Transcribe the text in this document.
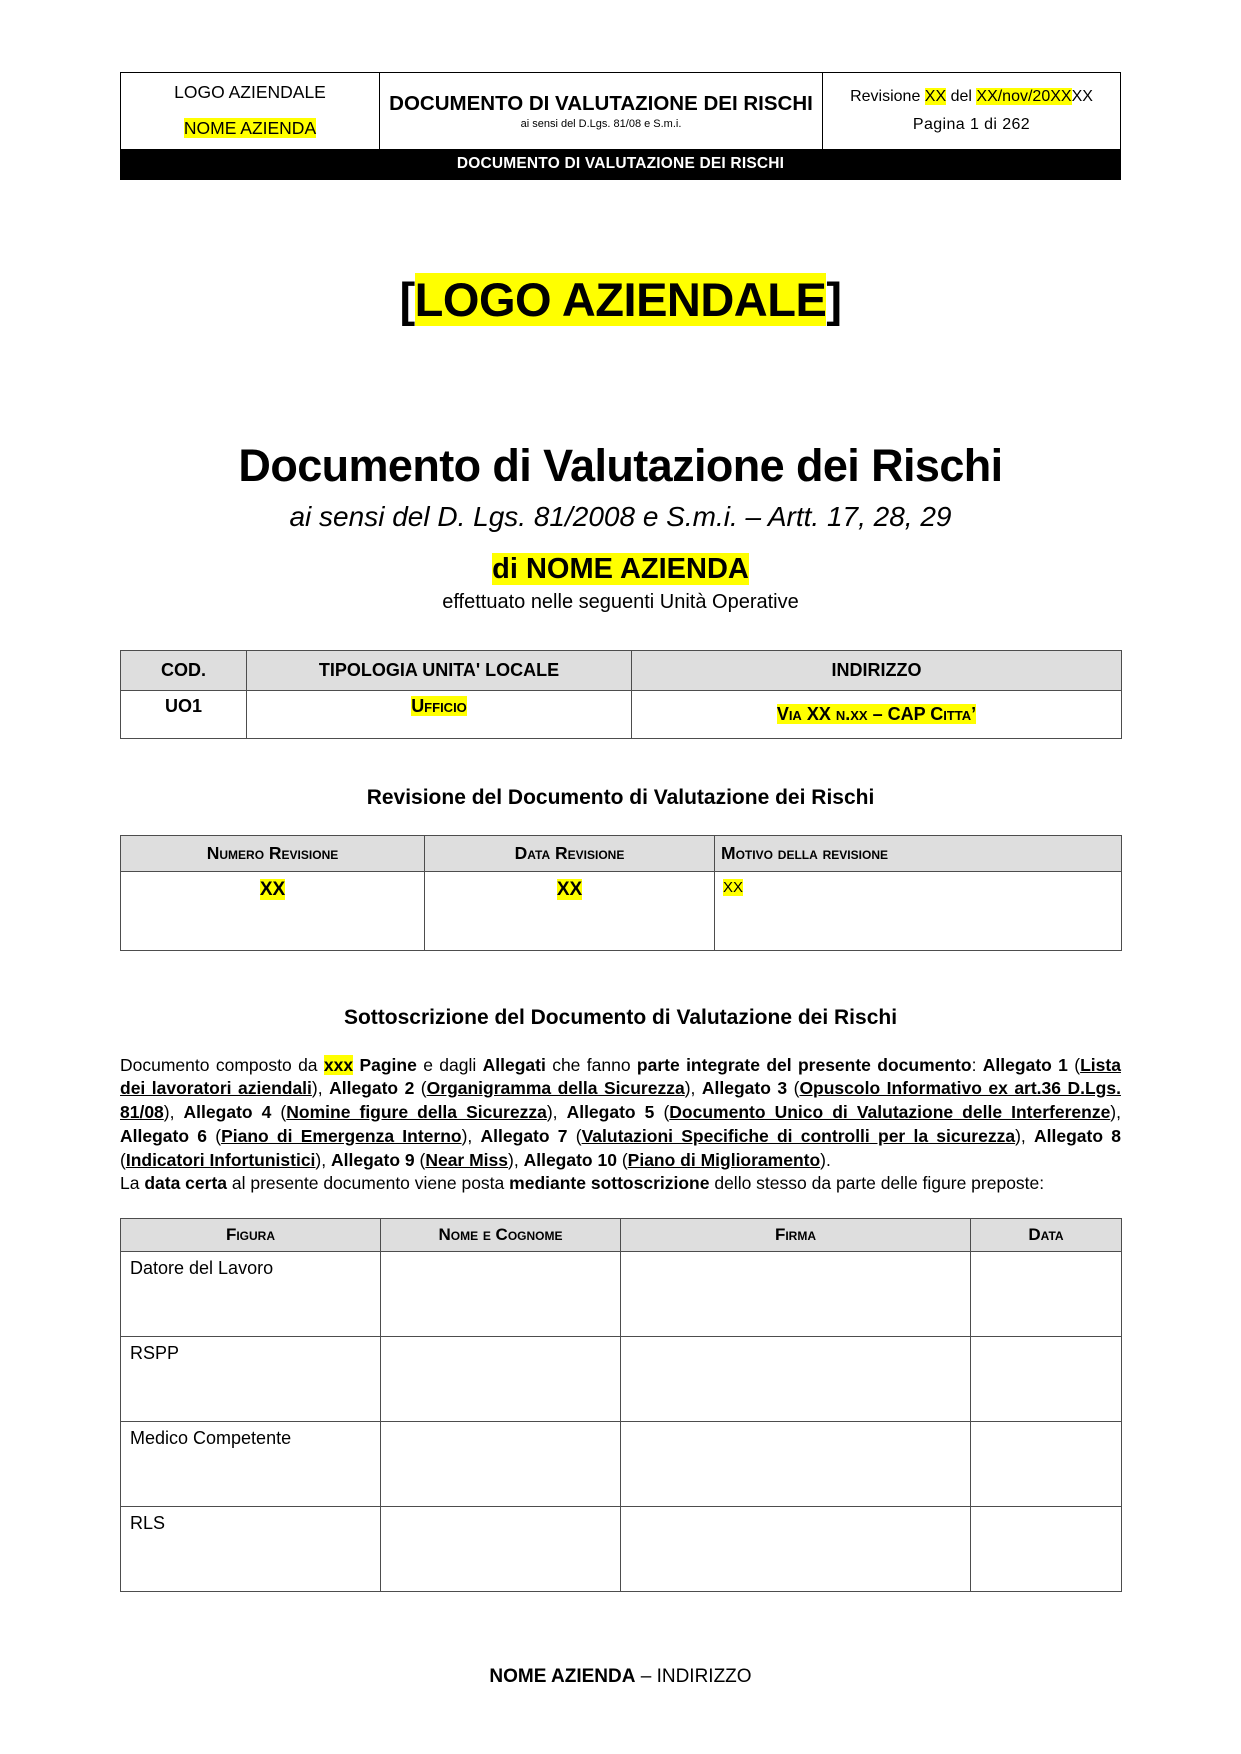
LOGO AZIENDALE
NOME AZIENDA

DOCUMENTO DI VALUTAZIONE DEI RISCHI
ai sensi del D.Lgs. 81/08 e S.m.i.

Revisione XX del XX/nov/20XXXX
Pagina 1 di 262
DOCUMENTO DI VALUTAZIONE DEI RISCHI
[LOGO AZIENDALE]
Documento di Valutazione dei Rischi
ai sensi del D. Lgs. 81/2008 e S.m.i. – Artt. 17, 28, 29
di NOME AZIENDA
effettuato nelle seguenti Unità Operative
COD.	TIPOLOGIA UNITA' LOCALE	INDIRIZZO
UO1	Ufficio	Via XX n.xx – CAP Citta’
Revisione del Documento di Valutazione dei Rischi
Numero Revisione	Data Revisione	Motivo della revisione
XX	XX	XX
Sottoscrizione del Documento di Valutazione dei Rischi

Documento composto da xxx Pagine e dagli Allegati che fanno parte integrate del presente documento: Allegato 1 (Lista dei lavoratori aziendali), Allegato 2 (Organigramma della Sicurezza), Allegato 3 (Opuscolo Informativo ex art.36 D.Lgs. 81/08), Allegato 4 (Nomine figure della Sicurezza), Allegato 5 (Documento Unico di Valutazione delle Interferenze), Allegato 6 (Piano di Emergenza Interno), Allegato 7 (Valutazioni Specifiche di controlli per la sicurezza), Allegato 8 (Indicatori Infortunistici), Allegato 9 (Near Miss), Allegato 10 (Piano di Miglioramento).
La data certa al presente documento viene posta mediante sottoscrizione dello stesso da parte delle figure preposte:

Figura	Nome e Cognome	Firma	Data
Datore del Lavoro			
RSPP			
Medico Competente			
RLS			
NOME AZIENDA – INDIRIZZO
